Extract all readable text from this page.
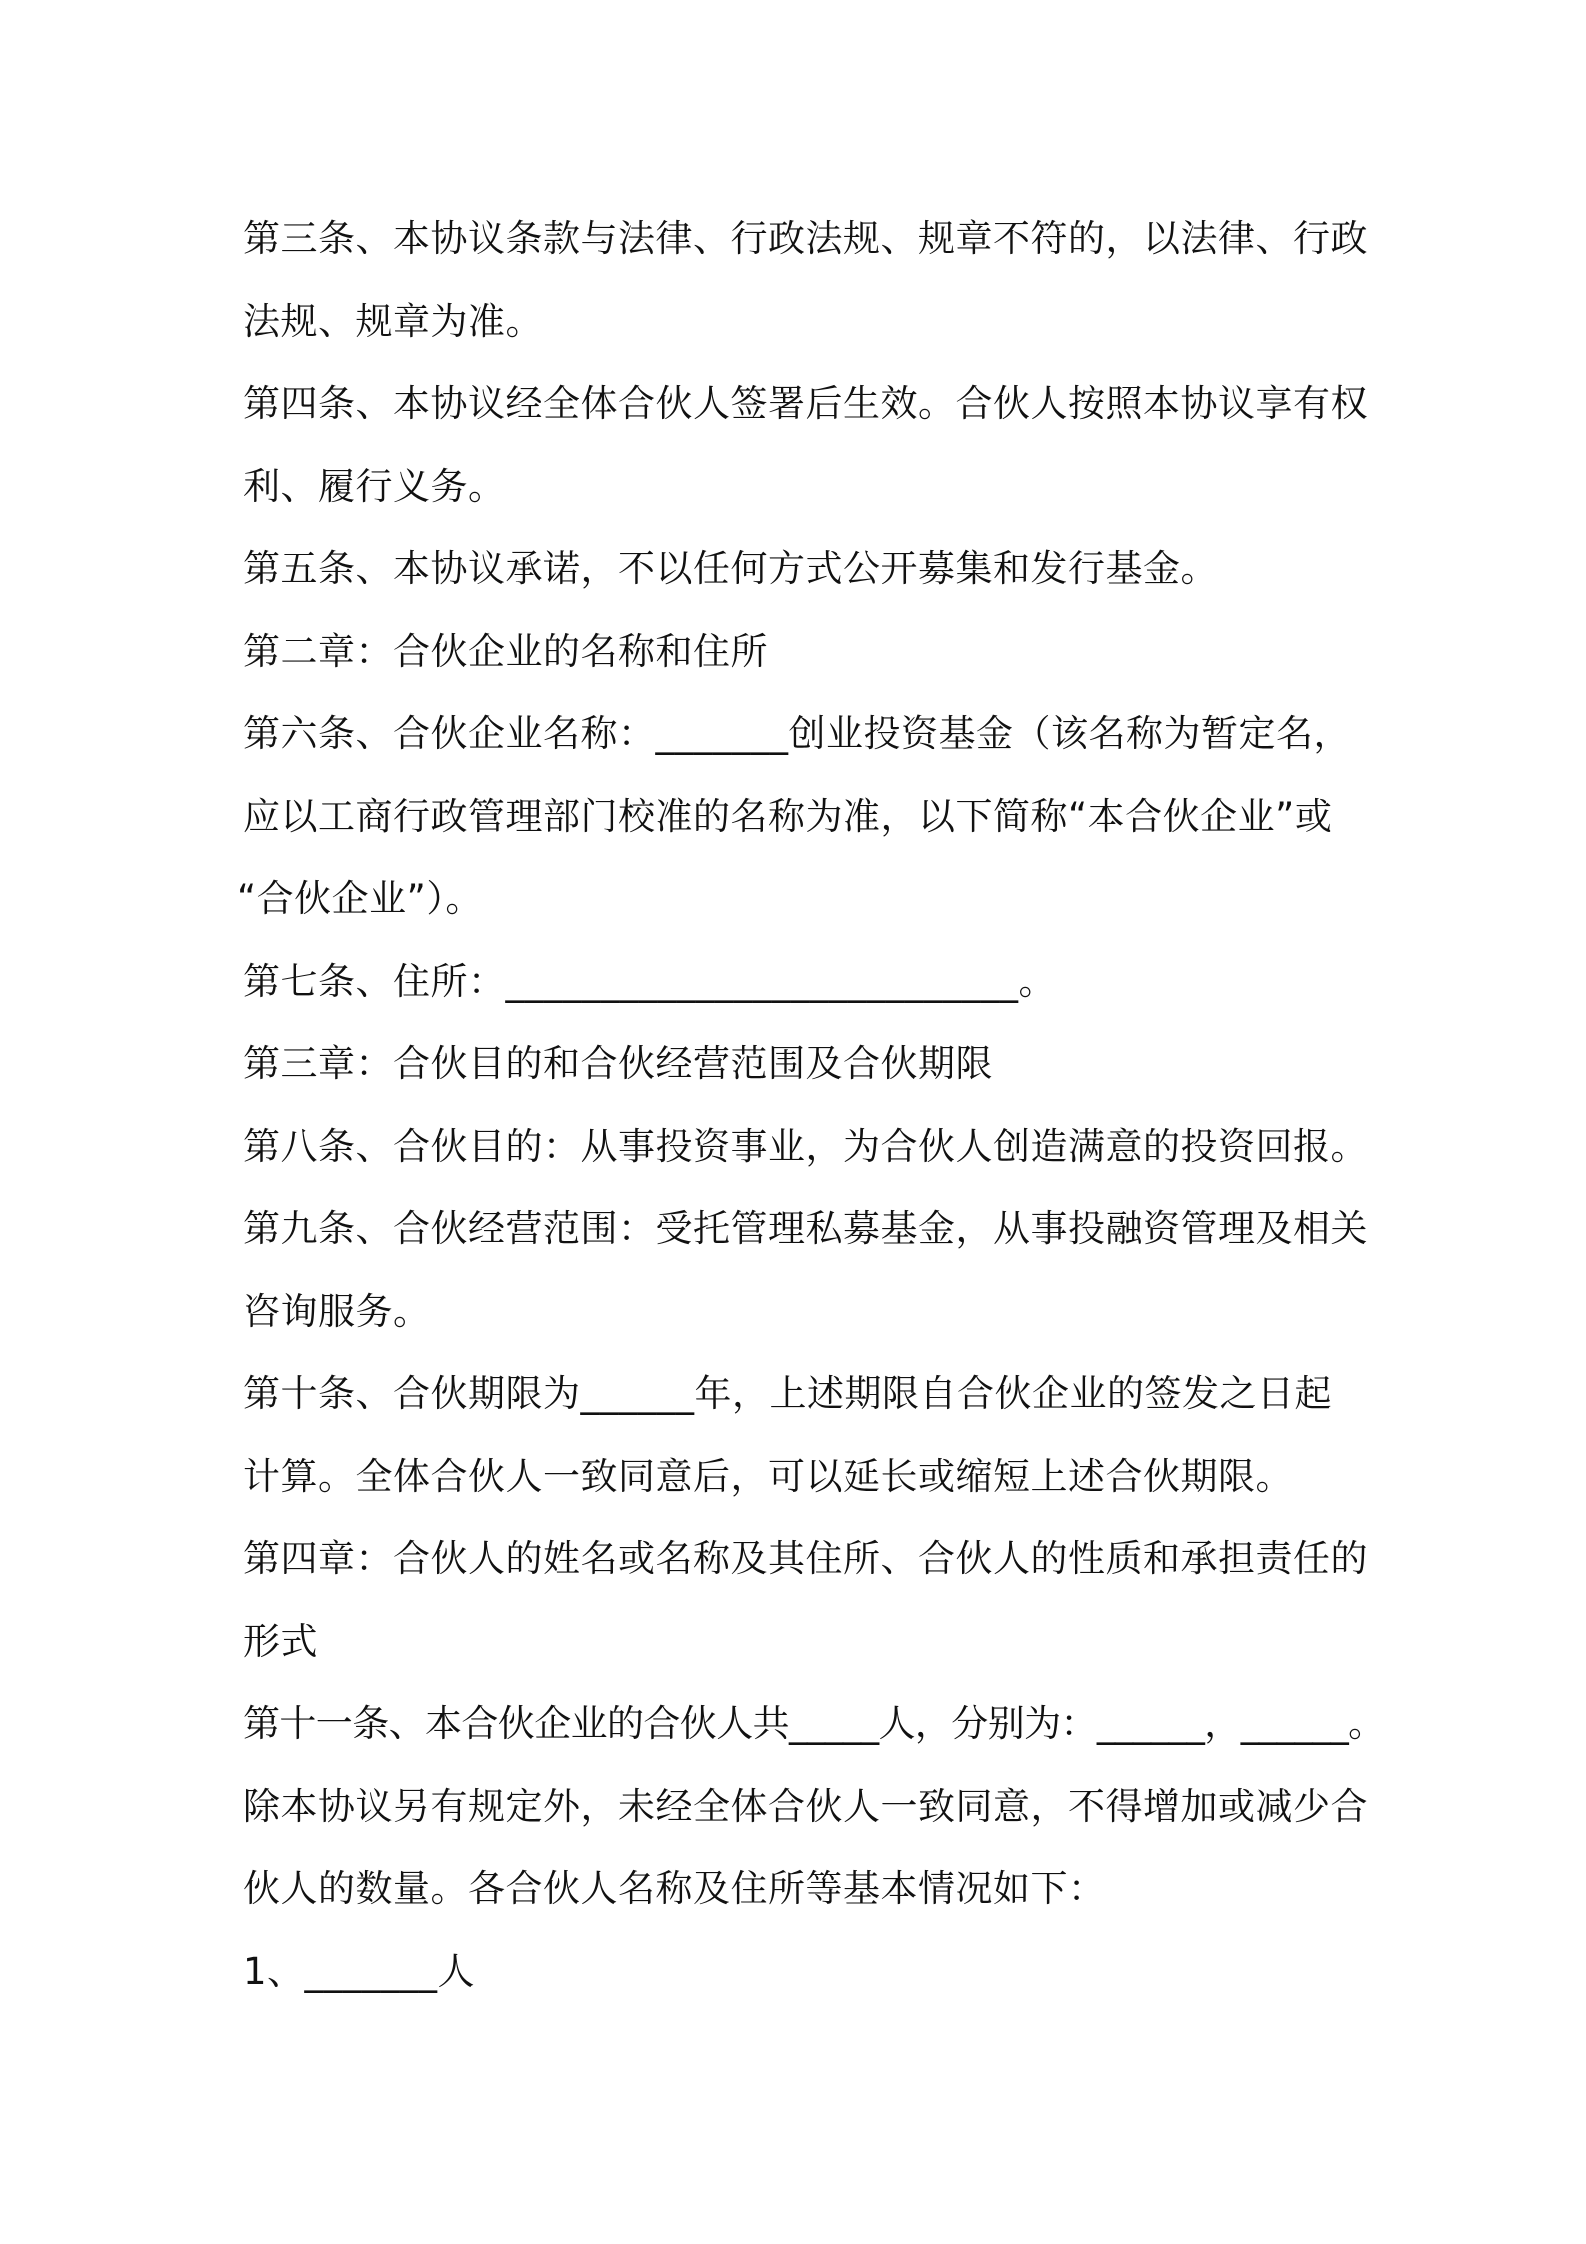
第三条、本协议条款与法律、行政法规、规章不符的，以法律、行政

法规、规章为准。

第四条、本协议经全体合伙人签署后生效。合伙人按照本协议享有权

利、履行义务。

第五条、本协议承诺，不以任何方式公开募集和发行基金。

第二章：合伙企业的名称和住所

第六条、合伙企业名称：_______创业投资基金（该名称为暂定名，

应以工商行政管理部门校准的名称为准，以下简称“本合伙企业”或

“合伙企业”）。

第七条、住所：___________________________。

第三章：合伙目的和合伙经营范围及合伙期限

第八条、合伙目的：从事投资事业，为合伙人创造满意的投资回报。

第九条、合伙经营范围：受托管理私募基金，从事投融资管理及相关

咨询服务。

第十条、合伙期限为______年，上述期限自合伙企业的签发之日起

计算。全体合伙人一致同意后，可以延长或缩短上述合伙期限。

第四章：合伙人的姓名或名称及其住所、合伙人的性质和承担责任的

形式

第十一条、本合伙企业的合伙人共_____人，分别为：______，______。

除本协议另有规定外，未经全体合伙人一致同意，不得增加或减少合

伙人的数量。各合伙人名称及住所等基本情况如下：

1、_______人
